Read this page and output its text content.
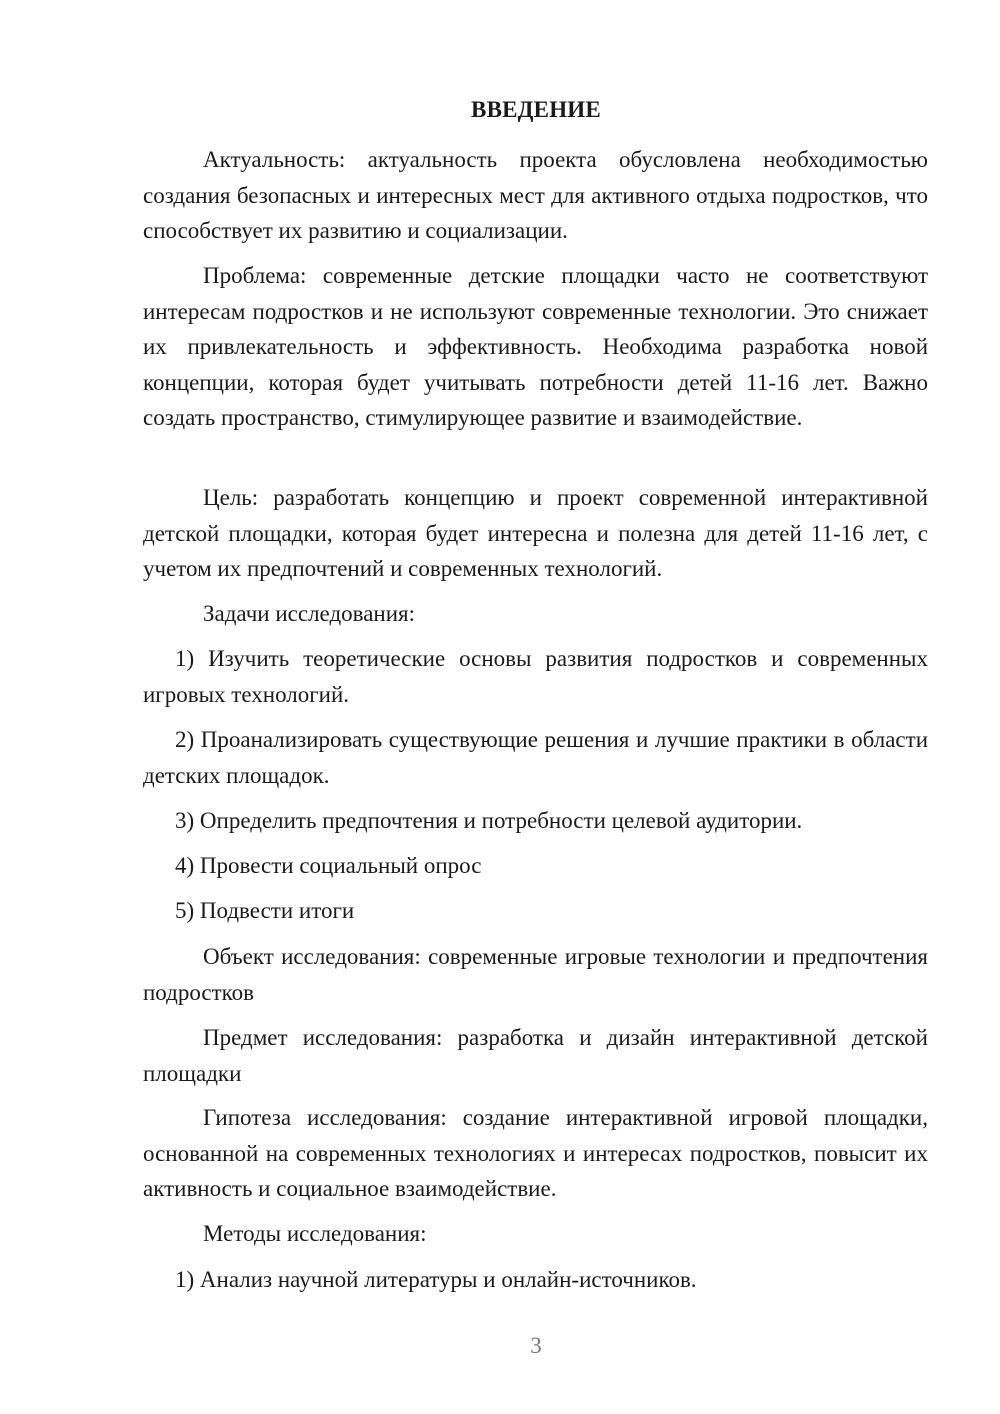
ВВЕДЕНИЕ
Актуальность: актуальность проекта обусловлена необходимостью создания безопасных и интересных мест для активного отдыха подростков, что способствует их развитию и социализации.
Проблема: современные детские площадки часто не соответствуют интересам подростков и не используют современные технологии. Это снижает их привлекательность и эффективность. Необходима разработка новой концепции, которая будет учитывать потребности детей 11-16 лет. Важно создать пространство, стимулирующее развитие и взаимодействие.
Цель: разработать концепцию и проект современной интерактивной детской площадки, которая будет интересна и полезна для детей 11-16 лет, с учетом их предпочтений и современных технологий.
Задачи исследования:
1) Изучить теоретические основы развития подростков и современных игровых технологий.
2) Проанализировать существующие решения и лучшие практики в области детских площадок.
3) Определить предпочтения и потребности целевой аудитории.
4) Провести социальный опрос
5) Подвести итоги
Объект исследования: современные игровые технологии и предпочтения подростков
Предмет исследования: разработка и дизайн интерактивной детской площадки
Гипотеза исследования: создание интерактивной игровой площадки, основанной на современных технологиях и интересах подростков, повысит их активность и социальное взаимодействие.
Методы исследования:
1) Анализ научной литературы и онлайн-источников.
3
